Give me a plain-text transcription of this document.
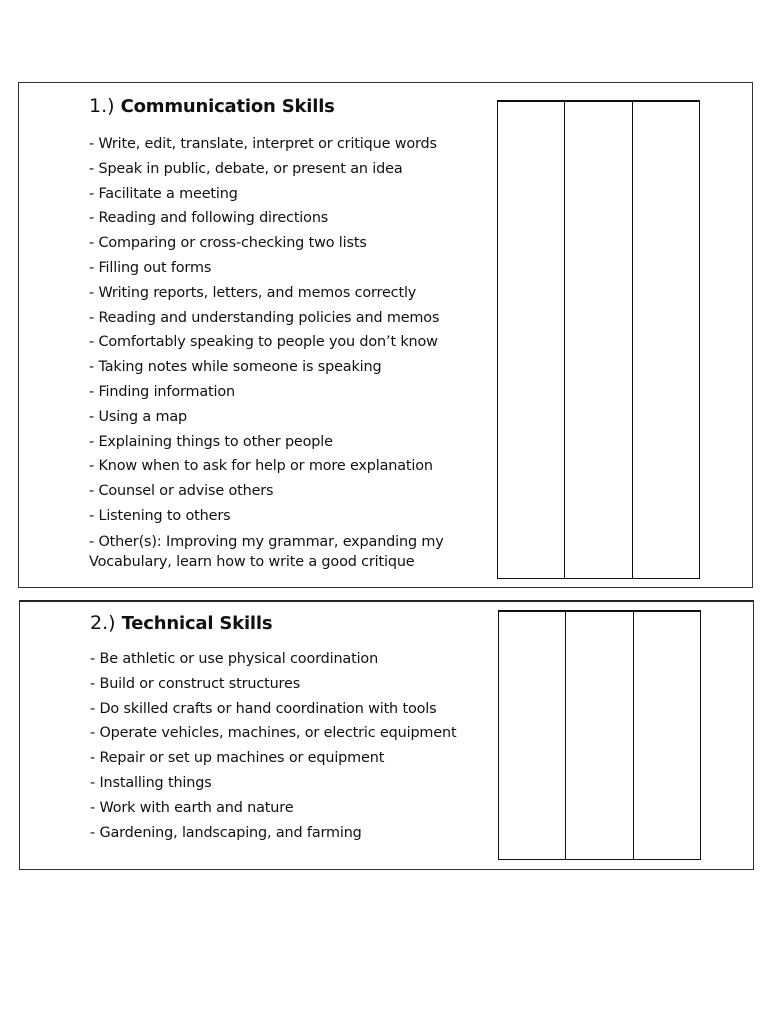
1.) Communication Skills
- Write, edit, translate, interpret or critique words
- Speak in public, debate, or present an idea
- Facilitate a meeting
- Reading and following directions
- Comparing or cross-checking two lists
- Filling out forms
- Writing reports, letters, and memos correctly
- Reading and understanding policies and memos
- Comfortably speaking to people you don’t know
- Taking notes while someone is speaking
- Finding information
- Using a map
- Explaining things to other people
- Know when to ask for help or more explanation
- Counsel or advise others
- Listening to others
- Other(s): Improving my grammar, expanding my Vocabulary, learn how to write a good critique
2.) Technical Skills
- Be athletic or use physical coordination
- Build or construct structures
- Do skilled crafts or hand coordination with tools
- Operate vehicles, machines, or electric equipment
- Repair or set up machines or equipment
- Installing things
- Work with earth and nature
- Gardening, landscaping, and farming
